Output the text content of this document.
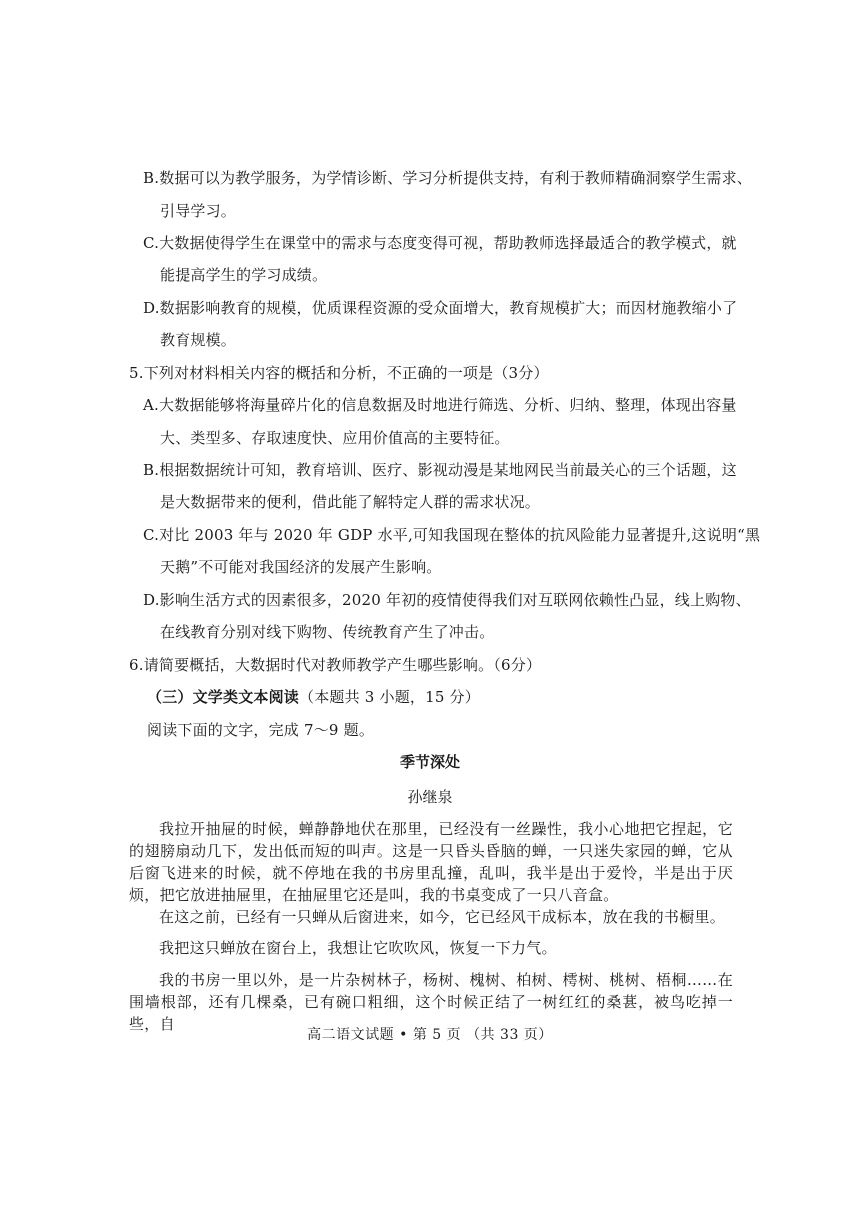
B.数据可以为教学服务，为学情诊断、学习分析提供支持，有利于教师精确洞察学生需求、
引导学习。
C.大数据使得学生在课堂中的需求与态度变得可视，帮助教师选择最适合的教学模式，就
能提高学生的学习成绩。
D.数据影响教育的规模，优质课程资源的受众面增大，教育规模扩大；而因材施教缩小了
教育规模。
5.下列对材料相关内容的概括和分析，不正确的一项是（3分）
A.大数据能够将海量碎片化的信息数据及时地进行筛选、分析、归纳、整理，体现出容量
大、类型多、存取速度快、应用价值高的主要特征。
B.根据数据统计可知，教育培训、医疗、影视动漫是某地网民当前最关心的三个话题，这
是大数据带来的便利，借此能了解特定人群的需求状况。
C.对比 2003 年与 2020 年 GDP 水平,可知我国现在整体的抗风险能力显著提升,这说明“黑
天鹅”不可能对我国经济的发展产生影响。
D.影响生活方式的因素很多，2020 年初的疫情使得我们对互联网依赖性凸显，线上购物、
在线教育分别对线下购物、传统教育产生了冲击。
6.请简要概括，大数据时代对教师教学产生哪些影响。（6分）
（三）文学类文本阅读（本题共 3 小题，15 分）
阅读下面的文字，完成 7～9 题。
季节深处
孙继泉
我拉开抽屉的时候，蝉静静地伏在那里，已经没有一丝躁性，我小心地把它捏起，它的翅膀扇动几下，发出低而短的叫声。这是一只昏头昏脑的蝉，一只迷失家园的蝉，它从后窗飞进来的时候，就不停地在我的书房里乱撞，乱叫，我半是出于爱怜，半是出于厌烦，把它放进抽屉里，在抽屉里它还是叫，我的书桌变成了一只八音盒。
在这之前，已经有一只蝉从后窗进来，如今，它已经风干成标本，放在我的书橱里。
我把这只蝉放在窗台上，我想让它吹吹风，恢复一下力气。
我的书房一里以外，是一片杂树林子，杨树、槐树、柏树、樗树、桃树、梧桐……在围墙根部，还有几棵桑，已有碗口粗细，这个时候正结了一树红红的桑葚，被鸟吃掉一些，自
高二语文试题 • 第 5 页 （共 33 页）
